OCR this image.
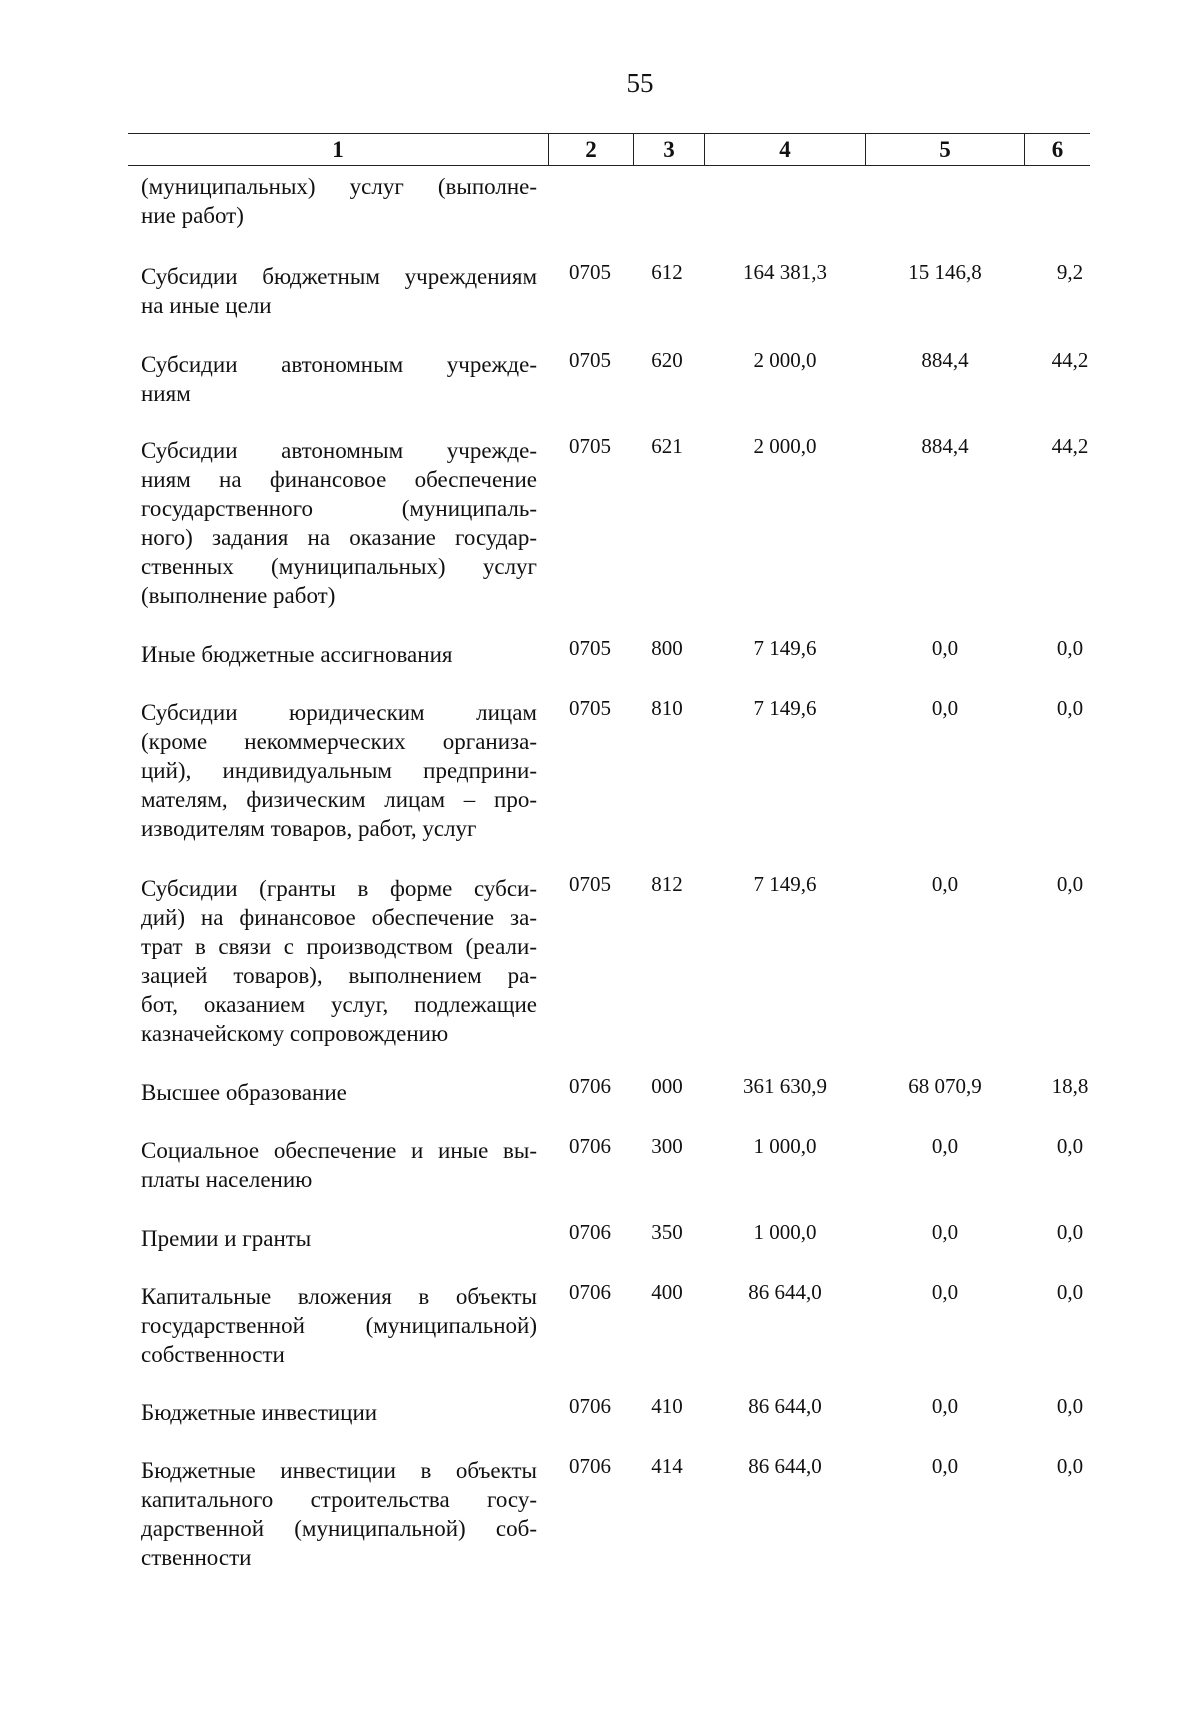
55
1	2	3	4	5	6
(муниципальных) услуг (выполне-
ние работ)
Субсидии бюджетным учреждениям
на иные цели
0705	612	164 381,3	15 146,8	9,2
Субсидии автономным учрежде-
ниям
0705	620	2 000,0	884,4	44,2
Субсидии автономным учрежде-
ниям на финансовое обеспечение
государственного (муниципаль-
ного) задания на оказание государ-
ственных (муниципальных) услуг
(выполнение работ)
0705	621	2 000,0	884,4	44,2
Иные бюджетные ассигнования	0705	800	7 149,6	0,0	0,0
Субсидии юридическим лицам
(кроме некоммерческих организа-
ций), индивидуальным предприни-
мателям, физическим лицам – про-
изводителям товаров, работ, услуг
0705	810	7 149,6	0,0	0,0
Субсидии (гранты в форме субси-
дий) на финансовое обеспечение за-
трат в связи с производством (реали-
зацией товаров), выполнением ра-
бот, оказанием услуг, подлежащие
казначейскому сопровождению
0705	812	7 149,6	0,0	0,0
Высшее образование	0706	000	361 630,9	68 070,9	18,8
Социальное обеспечение и иные вы-
платы населению
0706	300	1 000,0	0,0	0,0
Премии и гранты	0706	350	1 000,0	0,0	0,0
Капитальные вложения в объекты
государственной (муниципальной)
собственности
0706	400	86 644,0	0,0	0,0
Бюджетные инвестиции	0706	410	86 644,0	0,0	0,0
Бюджетные инвестиции в объекты
капитального строительства госу-
дарственной (муниципальной) соб-
ственности
0706	414	86 644,0	0,0	0,0
